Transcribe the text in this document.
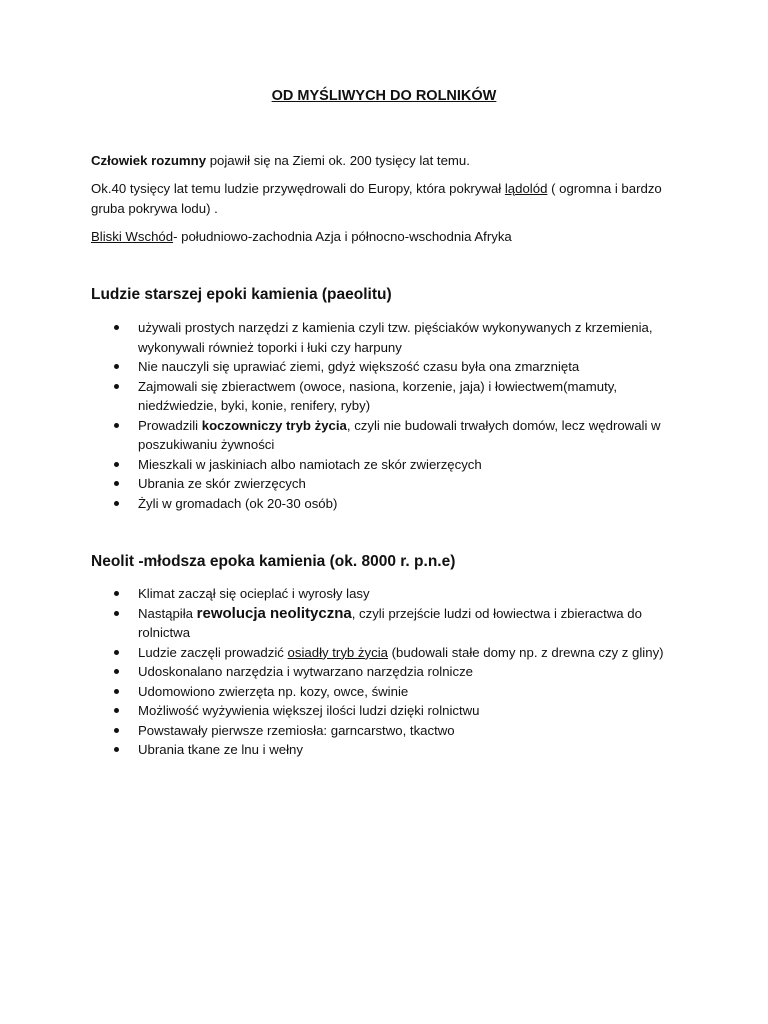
OD MYŚLIWYCH DO ROLNIKÓW

Człowiek rozumny pojawił się na Ziemi ok. 200 tysięcy lat temu.

Ok.40 tysięcy lat temu ludzie przywędrowali do Europy, która pokrywał lądolód ( ogromna i bardzo gruba pokrywa lodu) .

Bliski Wschód- południowo-zachodnia Azja i północno-wschodnia Afryka

Ludzie starszej epoki kamienia (paeolitu)
używali prostych narzędzi z kamienia czyli tzw. pięściaków wykonywanych z krzemienia, wykonywali również toporki i łuki czy harpuny
Nie nauczyli się uprawiać ziemi, gdyż większość czasu była ona zmarznięta
Zajmowali się zbieractwem (owoce, nasiona, korzenie, jaja) i łowiectwem(mamuty, niedźwiedzie, byki, konie, renifery, ryby)
Prowadzili koczowniczy tryb życia, czyli nie budowali trwałych domów, lecz wędrowali w poszukiwaniu żywności
Mieszkali w jaskiniach albo namiotach ze skór zwierzęcych
Ubrania ze skór zwierzęcych
Żyli w gromadach (ok 20-30 osób)
Neolit -młodsza epoka kamienia (ok. 8000 r. p.n.e)
Klimat zaczął się ocieplać i wyrosły lasy
Nastąpiła rewolucja neolityczna, czyli przejście ludzi od łowiectwa i zbieractwa do rolnictwa
Ludzie zaczęli prowadzić osiadły tryb życia (budowali stałe domy np. z drewna czy z gliny)
Udoskonalano narzędzia i wytwarzano narzędzia rolnicze
Udomowiono zwierzęta np. kozy, owce, świnie
Możliwość wyżywienia większej ilości ludzi dzięki rolnictwu
Powstawały pierwsze rzemiosła: garncarstwo, tkactwo
Ubrania tkane ze lnu i wełny
